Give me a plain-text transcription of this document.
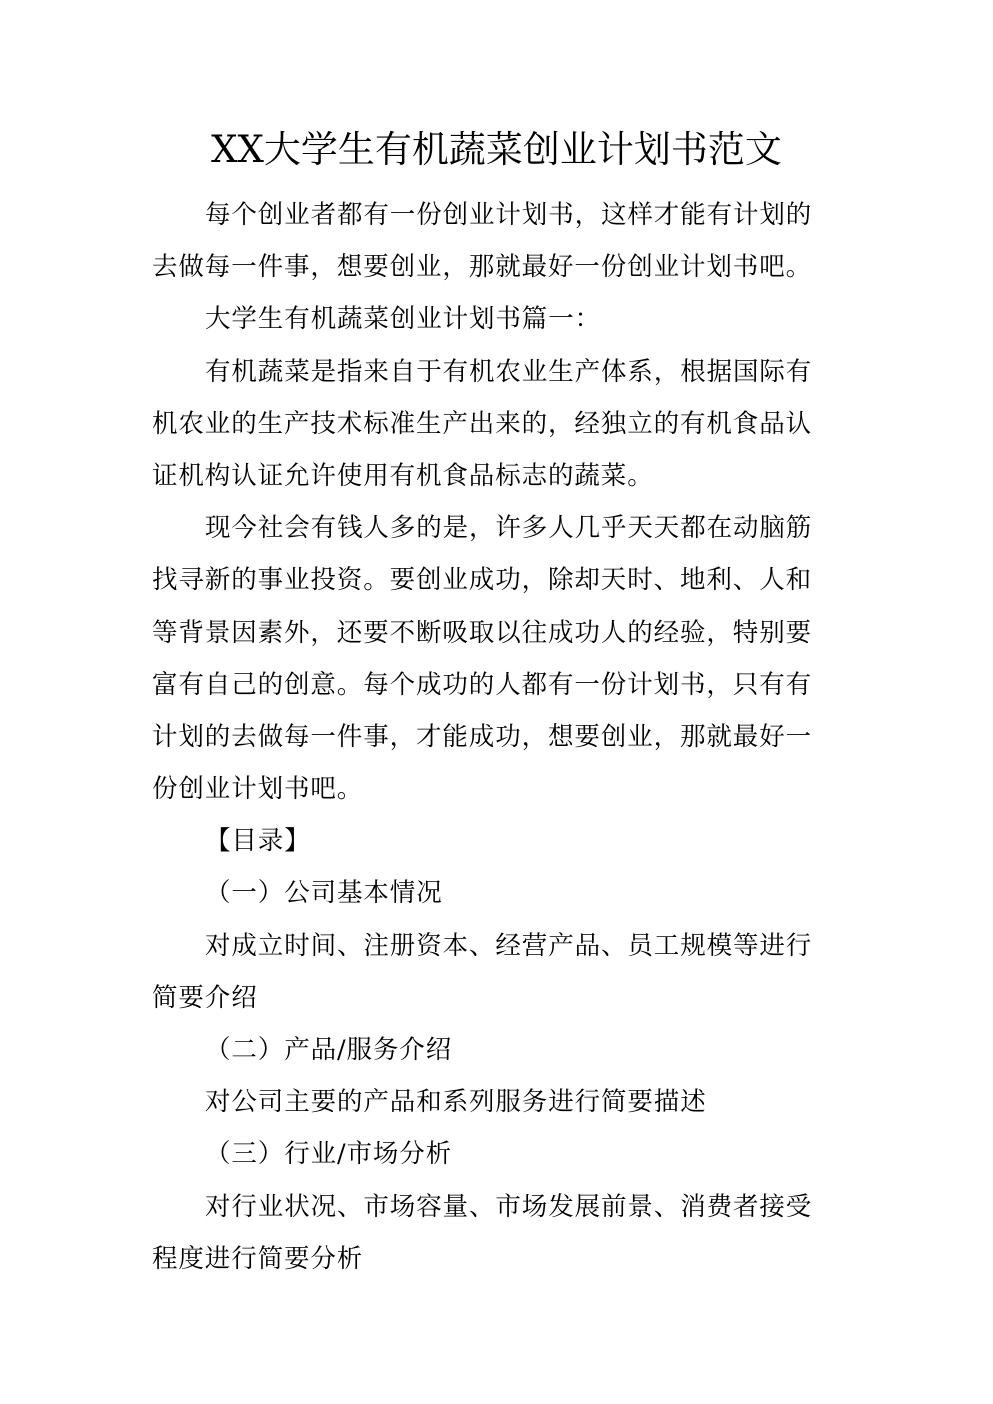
XX大学生有机蔬菜创业计划书范文
每个创业者都有一份创业计划书，这样才能有计划的
去做每一件事，想要创业，那就最好一份创业计划书吧。
大学生有机蔬菜创业计划书篇一：
有机蔬菜是指来自于有机农业生产体系，根据国际有
机农业的生产技术标准生产出来的，经独立的有机食品认
证机构认证允许使用有机食品标志的蔬菜。
现今社会有钱人多的是，许多人几乎天天都在动脑筋
找寻新的事业投资。要创业成功，除却天时、地利、人和
等背景因素外，还要不断吸取以往成功人的经验，特别要
富有自己的创意。每个成功的人都有一份计划书，只有有
计划的去做每一件事，才能成功，想要创业，那就最好一
份创业计划书吧。
【目录】
（一）公司基本情况
对成立时间、注册资本、经营产品、员工规模等进行
简要介绍
（二）产品/服务介绍
对公司主要的产品和系列服务进行简要描述
（三）行业/市场分析
对行业状况、市场容量、市场发展前景、消费者接受
程度进行简要分析
